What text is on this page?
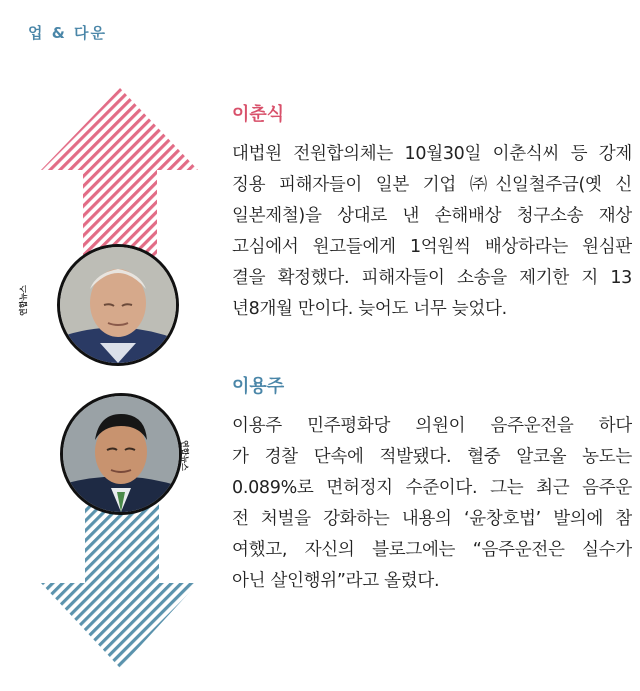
업 & 다운
연합뉴스
연합뉴스
이춘식
대법원 전원합의체는 10월30일 이춘식씨 등 강제
징용 피해자들이 일본 기업 ㈜신일철주금(옛 신
일본제철)을 상대로 낸 손해배상 청구소송 재상
고심에서 원고들에게 1억원씩 배상하라는 원심판
결을 확정했다. 피해자들이 소송을 제기한 지 13
년8개월 만이다. 늦어도 너무 늦었다.
이용주
이용주 민주평화당 의원이 음주운전을 하다
가 경찰 단속에 적발됐다. 혈중 알코올 농도는
0.089%로 면허정지 수준이다. 그는 최근 음주운
전 처벌을 강화하는 내용의 ‘윤창호법’ 발의에 참
여했고, 자신의 블로그에는 “음주운전은 실수가
아닌 살인행위”라고 올렸다.
